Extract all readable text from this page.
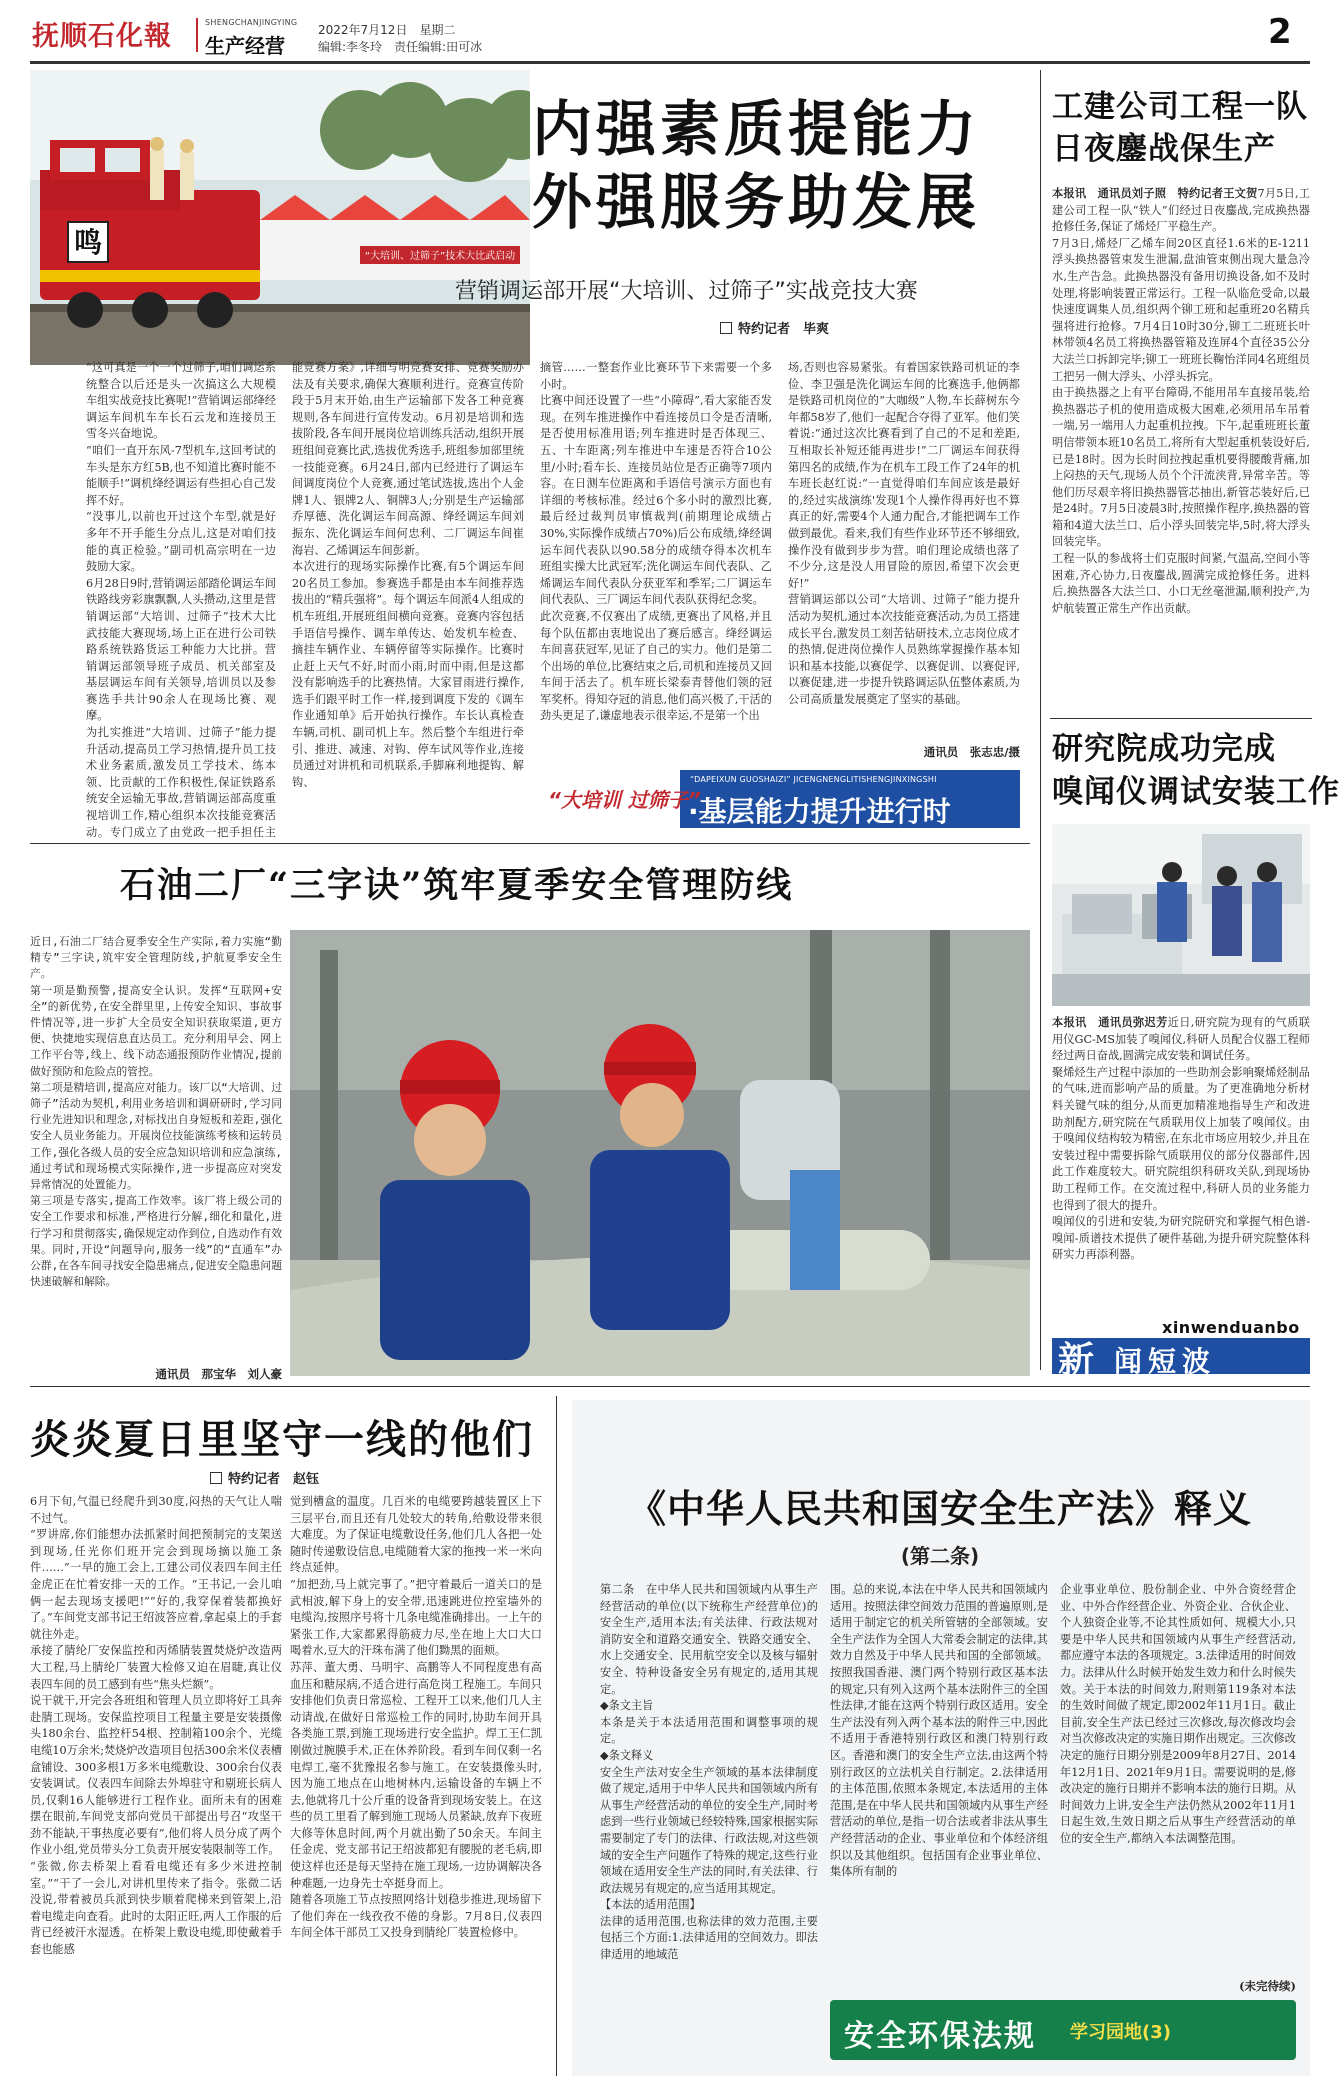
抚顺石化報	SHENGCHANJINGYING
生产经营
2022年7月12日　星期二
编辑:李冬玲　责任编辑:田可冰	2
“大培训、过筛子”技术大比武启动
鸣
内强素质提能力
外强服务助发展
营销调运部开展“大培训、过筛子”实战竞技大赛
特约记者　毕爽
“这可真是一个一个过筛子,咱们调运系统整合以后还是头一次搞这么大规模车组实战竞技比赛呢!”营销调运部绛经调运车间机车车长石云龙和连接员王雪冬兴奋地说。
“咱们一直开东风-7型机车,这回考试的车头是东方红5B,也不知道比赛时能不能顺手!”调机绛经调运有些担心自己发挥不好。
“没事儿,以前也开过这个车型,就是好多年不开手能生分点儿,这是对咱们技能的真正检验。”副司机高宗明在一边鼓励大家。
6月28日9时,营销调运部踏伦调运车间铁路线旁彩旗飘飘,人头攒动,这里是营销调运部“大培训、过筛子”技术大比武技能大赛现场,场上正在进行公司铁路系统铁路货运工种能力大比拼。营销调运部领导班子成员、机关部室及基层调运车间有关领导,培训员以及参赛选手共计90余人在现场比赛、观摩。
为扎实推进“大培训、过筛子”能力提升活动,提高员工学习热情,提升员工技术业务素质,激发员工学技术、练本领、比贡献的工作积极性,保证铁路系统安全运输无事故,营销调运部高度重视培训工作,精心组织本次技能竞赛活动。专门成立了由党政一把手担任主
能竞赛方案》,详细写明竞赛安排、竞赛奖励办法及有关要求,确保大赛顺利进行。竞赛宣传阶段于5月末开始,由生产运输部下发各工种竞赛规则,各车间进行宣传发动。6月初是培训和选拔阶段,各车间开展岗位培训练兵活动,组织开展班组间竞赛比武,选拔优秀选手,班组参加部里统一技能竞赛。6月24日,部内已经进行了调运车间调度岗位个人竞赛,通过笔试选拔,选出个人金牌1人、银牌2人、铜牌3人;分别是生产运输部乔厚德、洗化调运车间高源、绛经调运车间刘振东、洗化调运车间何忠利、二厂调运车间崔海岩、乙烯调运车间彭新。
本次进行的现场实际操作比赛,有5个调运车间20名员工参加。参赛选手都是由本车间推荐选拔出的“精兵强将”。每个调运车间派4人组成的机车班组,开展班组间横向竞赛。竞赛内容包括手语信号操作、调车单传达、始发机车检查、摘挂车辆作业、车辆停留等实际操作。比赛时止赶上天气不好,时而小雨,时而中雨,但是这都没有影响选手的比赛热情。大家冒雨进行操作,选手们跟平时工作一样,接到调度下发的《调车作业通知单》后开始执行操作。车长认真检查车辆,司机、副司机上车。然后整个车组进行牵引、推进、减速、对钩、停车试风等作业,连接员通过对讲机和司机联系,手脚麻利地提钩、解钩、
摘管……一整套作业比赛环节下来需要一个多小时。
比赛中间还设置了一些“小障碍”,看大家能否发现。在列车推进操作中看连接员口令是否清晰,是否使用标准用语;列车推进时是否体现三、五、十车距离;列车推进中车速是否符合10公里/小时;看车长、连接员站位是否正确等7项内容。在日测车位距离和手语信号演示方面也有详细的考核标准。经过6个多小时的激烈比赛,最后经过裁判员审慎裁判(前期理论成绩占30%,实际操作成绩占70%)后公布成绩,绛经调运车间代表队以90.58分的成绩夺得本次机车班组实操大比武冠军;洗化调运车间代表队、乙烯调运车间代表队分获亚军和季军;二厂调运车间代表队、三厂调运车间代表队获得纪念奖。
此次竞赛,不仅赛出了成绩,更赛出了风格,并且每个队伍都由衷地说出了赛后感言。绛经调运车间喜获冠军,见证了自己的实力。他们是第二个出场的单位,比赛结束之后,司机和连接员又回车间于活去了。机车班长梁泰青替他们领的冠军奖杯。得知夺冠的消息,他们高兴极了,干活的劲头更足了,谦虚地表示很幸运,不是第一个出
场,否则也容易紧张。有着国家铁路司机证的李俭、李卫强是洗化调运车间的比赛选手,他俩都是铁路司机岗位的“大咖级”人物,车长薛树东今年都58岁了,他们一起配合夺得了亚军。他们笑着说:“通过这次比赛看到了自己的不足和差距,互相取长补短还能再进步!”二厂调运车间获得第四名的成绩,作为在机车工段工作了24年的机车班长赵红说:“一直觉得咱们车间应该是最好的,经过实战演练'发现1个人操作得再好也不算真正的好,需要4个人通力配合,才能把调车工作做到最优。看来,我们有些作业环节还不够细致,操作没有做到步步为营。咱们理论成绩也落了不少分,这是没人用冒险的原因,希望下次会更好!”
营销调运部以公司“大培训、过筛子”能力提升活动为契机,通过本次技能竞赛活动,为员工搭建成长平台,激发员工刻苦钻研技术,立志岗位成才的热情,促进岗位操作人员熟练掌握操作基本知识和基本技能,以赛促学、以赛促训、以赛促评,以赛促建,进一步提升铁路调运队伍整体素质,为公司高质量发展奠定了坚实的基础。
通讯员　张志忠/摄
“大培训 过筛子”
“DAPEIXUN GUOSHAIZI” JICENGNENGLITISHENGJINXINGSHI
·基层能力提升进行时
工建公司工程一队
日夜鏖战保生产
本报讯　通讯员刘子照　特约记者王文贺7月5日,工建公司工程一队“铁人”们经过日夜鏖战,完成换热器抢修任务,保证了烯烃厂平稳生产。
7月3日,烯烃厂乙烯车间20区直径1.6米的E-1211浮头换热器管束发生泄漏,盘油管束侧出现大量急冷水,生产告急。此换热器没有备用切换设备,如不及时处理,将影响装置正常运行。工程一队临危受命,以最快速度调集人员,组织两个铆工班和起重班20名精兵强将进行抢修。7月4日10时30分,铆工二班班长叶林带领4名员工将换热器管箱及连屏4个直径35公分大法兰口拆卸完毕;铆工一班班长鞠怡洋同4名班组员工把另一侧大浮头、小浮头拆完。
由于换热器之上有平台障碍,不能用吊车直接吊装,给换热器芯子机的使用造成极大困难,必须用吊车吊着一端,另一端用人力起重机拉拽。下午,起重班班长董明信带领本班10名员工,将所有大型起重机装设好后,已是18时。因为长时间拉拽起重机要得腰酸背痛,加上闷热的天气,现场人员个个汗流浃背,异常辛苦。等他们历尽艰辛将旧换热器管芯抽出,新管芯装好后,已是24时。7月5日凌晨3时,按照操作程序,换热器的管箱和4道大法兰口、后小浮头回装完毕,5时,将大浮头回装完毕。
工程一队的参战将士们克服时间紧,气温高,空间小等困难,齐心协力,日夜鏖战,圆满完成抢修任务。进料后,换热器各大法兰口、小口无丝毫泄漏,顺利投产,为炉航装置正常生产作出贡献。
研究院成功完成
嗅闻仪调试安装工作
本报讯　通讯员弥迟芳近日,研究院为现有的气质联用仪GC-MS加装了嗅闻仪,科研人员配合仪器工程师经过两日奋战,圆满完成安装和调试任务。
聚烯烃生产过程中添加的一些助剂会影响聚烯烃制品的气味,进而影响产品的质量。为了更准确地分析材料关键气味的组分,从而更加精准地指导生产和改进助剂配方,研究院在气质联用仪上加装了嗅闻仪。由于嗅闻仪结构较为精密,在东北市场应用较少,并且在安装过程中需要拆除气质联用仪的部分仪器部件,因此工作难度较大。研究院组织科研攻关队,到现场协助工程师工作。在交流过程中,科研人员的业务能力也得到了很大的提升。
嗅闻仪的引进和安装,为研究院研究和掌握气相色谱-嗅闻-质谱技术提供了硬件基础,为提升研究院整体科研实力再添利器。
xinwenduanbo
新 闻短波
石油二厂“三字诀”筑牢夏季安全管理防线
近日,石油二厂结合夏季安全生产实际,着力实施“勤精专”三字诀,筑牢安全管理防线,护航夏季安全生产。
第一项是勤预警,提高安全认识。发挥“互联网+安全”的新优势,在安全群里里,上传安全知识、事故事件情况等,进一步扩大全员安全知识获取渠道,更方便、快捷地实现信息直达员工。充分利用早会、网上工作平台等,线上、线下动态通报预防作业情况,提前做好预防和危险点的管控。
第二项是精培训,提高应对能力。该厂以“大培训、过筛子”活动为契机,利用业务培训和调研研时,学习同行业先进知识和理念,对标找出自身短板和差距,强化安全人员业务能力。开展岗位技能演练考核和运转员工作,强化各级人员的安全应急知识培训和应急演练,通过考试和现场模式实际操作,进一步提高应对突发异常情况的处置能力。
第三项是专落实,提高工作效率。该厂将上级公司的安全工作要求和标准,严格进行分解,细化和量化,进行学习和贯彻落实,确保规定动作到位,自选动作有效果。同时,开设“问题导向,服务一线”的“直通车”办公群,在各车间寻找安全隐患痛点,促进安全隐患问题快速破解和解除。
通讯员　那宝华　刘人豪
炎炎夏日里坚守一线的他们
特约记者　赵钰
6月下旬,气温已经爬升到30度,闷热的天气让人喘不过气。
“罗讲席,你们能想办法抓紧时间把预制完的支架送到现场,任光你们班开完会到现场摘以施工条件……”一早的施工会上,工建公司仪表四车间主任金虎正在忙着安排一天的工作。“王书记,一会儿咱俩一起去现场支援吧!”“好的,我穿保着装都换好了。”车间党支部书记王绍波答应着,拿起桌上的手套就往外走。
承接了腈纶厂安保监控和丙烯腈装置焚烧炉改造两大工程,马上腈纶厂装置大检修又迫在眉睫,真让仪表四车间的员工感到有些“焦头烂额”。
说干就干,开完会各班组和管理人员立即将好工具奔赴腈工现场。安保监控项目工程量主要是安装摄像头180余台、监控杆54根、控制箱100余个、光缆电缆10万余米;焚烧炉改造项目包括300余米仪表槽盒铺设、300多根1万多米电缆敷设、300余台仪表安装调试。仪表四车间除去外埠驻守和剔班长病人员,仅剩16人能够进行工程作业。面所未有的困难摆在眼前,车间党支部向党员干部提出号召“攻坚干劲不能缺,干事热度必要有”,他们将人员分成了两个作业小组,党员带头分工负责开展安装限制等工作。
“张微,你去桥架上看看电缆还有多少米进控制室。”“干了一会儿,对讲机里传来了指令。张微二话没说,带着被员兵派到快步顺着爬梯来到管架上,沿着电缆走向查看。此时的太阳正旺,两人工作服的后背已经被汗水湿透。在桥架上敷设电缆,即使戴着手套也能感
觉到槽盒的温度。几百米的电缆要跨越装置区上下三层平台,而且还有几处较大的转角,给敷设带来很大难度。为了保证电缆敷设任务,他们几人各把一处随时传递敷设信息,电缆随着大家的拖拽一米一米向终点延伸。
“加把劲,马上就完事了。”把守着最后一道关口的是武相波,解下身上的安全带,迅速跳进位控室墙外的电缆沟,按照序号将十几条电缆准确排出。一上午的紧张工作,大家都累得筋疲力尽,坐在地上大口大口喝着水,豆大的汗珠布满了他们黝黑的面颊。
苏萍、董大勇、马明宇、高鹏等人不同程度患有高血压和糖尿病,不适合进行高危岗工程施工。车间只安排他们负责日常巡检、工程开工以来,他们几人主动请战,在做好日常巡检工作的同时,协助车间开具各类施工票,到施工现场进行安全监护。焊工王仁凯刚做过腕膜手术,正在休养阶段。看到车间仅剩一名电焊工,毫不犹豫报名参与施工。在安装摄像头时,因为施工地点在山地树林内,运输设备的车辆上不去,他就将几十公斤重的设备背到现场安装上。在这些的员工里看了解到施工现场人员紧缺,放弃下夜班大修等休息时间,两个月就出勤了50余天。车间主任金虎、党支部书记王绍波都犯有腰脱的老毛病,即使这样也还是每天坚持在施工现场,一边协调解决各种难题,一边身先士卒挺身而上。
随着各项施工节点按照网络计划稳步推进,现场留下了他们奔在一线孜孜不倦的身影。7月8日,仪表四车间全体干部员工又投身到腈纶厂装置检修中。
《中华人民共和国安全生产法》释义
(第二条)
第二条　在中华人民共和国领域内从事生产经营活动的单位(以下统称生产经营单位)的安全生产,适用本法;有关法律、行政法规对消防安全和道路交通安全、铁路交通安全、水上交通安全、民用航空安全以及核与辐射安全、特种设备安全另有规定的,适用其规定。
◆条文主旨
本条是关于本法适用范围和调整事项的规定。
◆条文释义
安全生产法对安全生产领域的基本法律制度做了规定,适用于中华人民共和国领域内所有从事生产经营活动的单位的安全生产,同时考虑到一些行业领域已经较特殊,国家根据实际需要制定了专门的法律、行政法规,对这些领域的安全生产问题作了特殊的规定,这些行业领域在适用安全生产法的同时,有关法律、行政法规另有规定的,应当适用其规定。
【本法的适用范围】
法律的适用范围,也称法律的效力范围,主要包括三个方面:1.法律适用的空间效力。即法律适用的地域范
围。总的来说,本法在中华人民共和国领域内适用。按照法律空间效力范围的普遍原则,是适用于制定它的机关所管辖的全部领域。安全生产法作为全国人大常委会制定的法律,其效力自然及于中华人民共和国的全部领域。按照我国香港、澳门两个特别行政区基本法的规定,只有列入这两个基本法附件三的全国性法律,才能在这两个特别行政区适用。安全生产法没有列入两个基本法的附件三中,因此不适用于香港特别行政区和澳门特别行政区。香港和澳门的安全生产立法,由这两个特别行政区的立法机关自行制定。2.法律适用的主体范围,依照本条规定,本法适用的主体范围,是在中华人民共和国领域内从事生产经营活动的单位,是指一切合法或者非法从事生产经营活动的企业、事业单位和个体经济组织以及其他组织。包括国有企业事业单位、集体所有制的
企业事业单位、股份制企业、中外合资经营企业、中外合作经营企业、外资企业、合伙企业、个人独资企业等,不论其性质如何、规模大小,只要是中华人民共和国领域内从事生产经营活动,都应遵守本法的各项规定。3.法律适用的时间效力。法律从什么时候开始发生效力和什么时候失效。关于本法的时间效力,附则第119条对本法的生效时间做了规定,即2002年11月1日。截止目前,安全生产法已经过三次修改,每次修改均会对当次修改决定的实施日期作出规定。三次修改决定的施行日期分别是2009年8月27日、2014年12月1日、2021年9月1日。需要说明的是,修改决定的施行日期并不影响本法的施行日期。从时间效力上讲,安全生产法仍然从2002年11月1日起生效,生效日期之后从事生产经营活动的单位的安全生产,都纳入本法调整范围。
(未完待续)
安全环保法规 学习园地(3)
